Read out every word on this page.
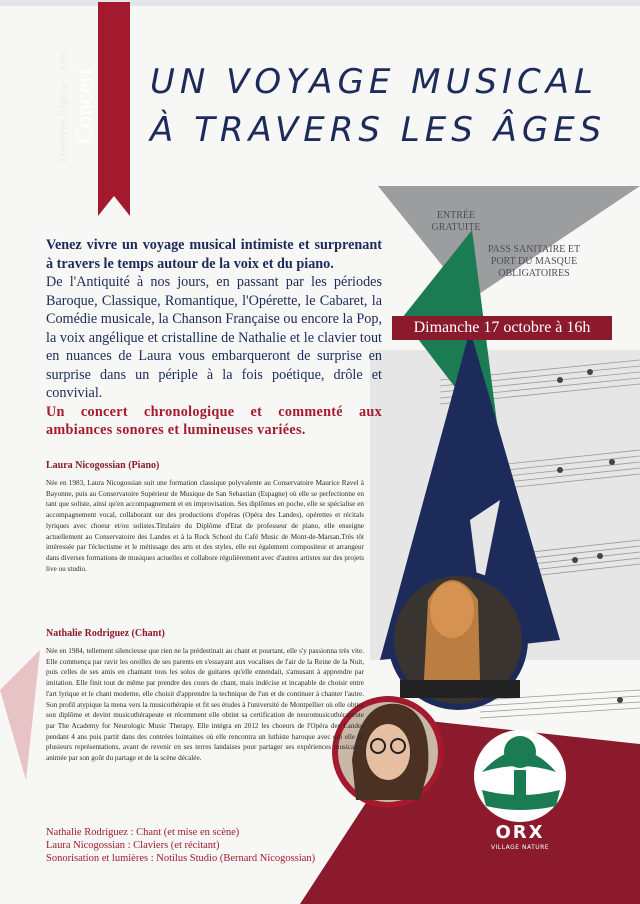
Derrière l'église - Orx Concert UN VOYAGE MUSICAL
À TRAVERS LES ÂGES
ENTRÉE
GRATUITE
PASS SANITAIRE ET
PORT DU MASQUE
OBLIGATOIRES
Dimanche 17 octobre à 16h

Venez vivre un voyage musical intimiste et surprenant à travers le temps autour de la voix et du piano.

De l'Antiquité à nos jours, en passant par les périodes Baroque, Classique, Romantique, l'Opérette, le Cabaret, la Comédie musicale, la Chanson Française ou encore la Pop, la voix angélique et cristalline de Nathalie et le clavier tout en nuances de Laura vous embarqueront de surprise en surprise dans un périple à la fois poétique, drôle et convivial.

Un concert chronologique et commenté aux ambiances sonores et lumineuses variées.

Laura Nicogossian (Piano)

Née en 1983, Laura Nicogossian suit une formation classique polyvalente au Conservatoire Maurice Ravel à Bayonne, puis au Conservatoire Supérieur de Musique de San Sebastian (Espagne) où elle se perfectionne en tant que soliste, ainsi qu'en accompagnement et en improvisation. Ses diplômes en poche, elle se spécialise en accompagnement vocal, collaborant sur des productions d'opéras (Opéra des Landes), opérettes et récitals lyriques avec choeur et/ou solistes.Titulaire du Diplôme d'Etat de professeur de piano, elle enseigne actuellement au Conservatoire des Landes et à la Rock School du Café Music de Mont-de-Marsan.Très tôt intéressée par l'éclectisme et le métissage des arts et des styles, elle est également compositeur et arrangeur dans diverses formations de musiques actuelles et collabore régulièrement avec d'autres artistes sur des projets live ou studio.

Nathalie Rodriguez (Chant)

Née en 1984, tellement silencieuse que rien ne la prédestinait au chant et pourtant, elle s'y passionna très vite. Elle commença par ravir les oreilles de ses parents en s'essayant aux vocalises de l'air de la Reine de la Nuit, puis celles de ses amis en chantant tous les solos de guitares qu'elle entendait, s'amusant à apprendre par imitation. Elle finit tout de même par prendre des cours de chant, mais indécise et incapable de choisir entre l'art lyrique et le chant moderne, elle choisit d'apprendre la technique de l'un et de continuer à chanter l'autre. Son profil atypique la mena vers la musicothérapie et fit ses études à l'université de Montpellier où elle obtint son diplôme et devint musicothérapeute et récemment elle obtint sa certification de neuromusicothérapeute par The Academy for Neurologic Music Therapy. Elle intégra en 2012 les choeurs de l'Opéra des Landes pendant 4 ans puis partit dans des contrées lointaines où elle rencontra un luthiste baroque avec qui elle fit plusieurs représentations, avant de revenir en ses terres landaises pour partager ses expériences musicales, animée par son goût du partage et de la scène décalée.

Nathalie Rodriguez : Chant (et mise en scène)
Laura Nicogossian : Claviers (et récitant)
Sonorisation et lumières : Notilus Studio (Bernard Nicogossian)
ORX
VILLAGE NATURE
